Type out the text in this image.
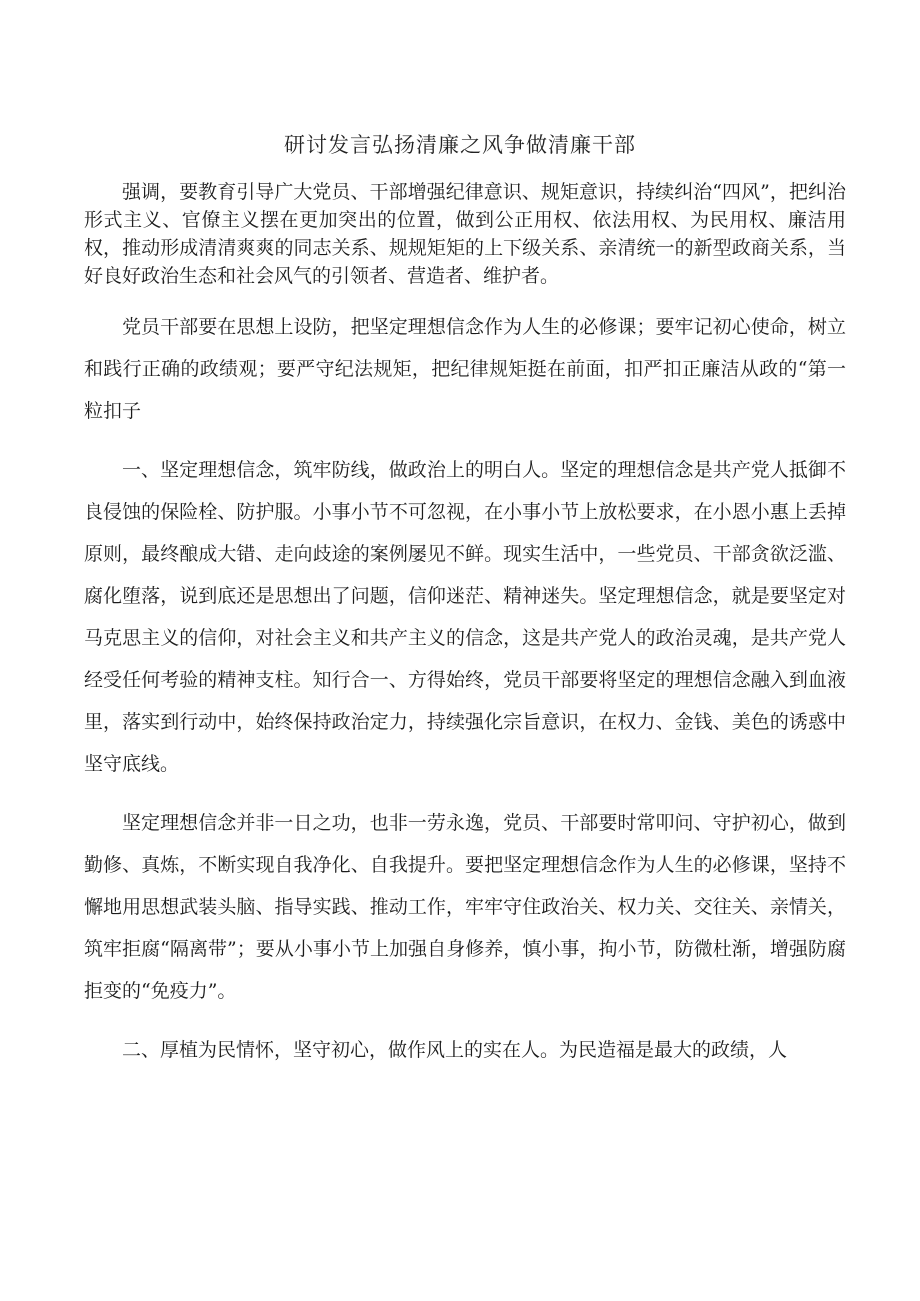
研讨发言弘扬清廉之风争做清廉干部

强调，要教育引导广大党员、干部增强纪律意识、规矩意识，持续纠治“四风”，把纠治形式主义、官僚主义摆在更加突出的位置，做到公正用权、依法用权、为民用权、廉洁用权，推动形成清清爽爽的同志关系、规规矩矩的上下级关系、亲清统一的新型政商关系，当好良好政治生态和社会风气的引领者、营造者、维护者。

党员干部要在思想上设防，把坚定理想信念作为人生的必修课；要牢记初心使命，树立和践行正确的政绩观；要严守纪法规矩，把纪律规矩挺在前面，扣严扣正廉洁从政的“第一粒扣子

一、坚定理想信念，筑牢防线，做政治上的明白人。坚定的理想信念是共产党人抵御不良侵蚀的保险栓、防护服。小事小节不可忽视，在小事小节上放松要求，在小恩小惠上丢掉原则，最终酿成大错、走向歧途的案例屡见不鲜。现实生活中，一些党员、干部贪欲泛滥、腐化堕落，说到底还是思想出了问题，信仰迷茫、精神迷失。坚定理想信念，就是要坚定对马克思主义的信仰，对社会主义和共产主义的信念，这是共产党人的政治灵魂，是共产党人经受任何考验的精神支柱。知行合一、方得始终，党员干部要将坚定的理想信念融入到血液里，落实到行动中，始终保持政治定力，持续强化宗旨意识，在权力、金钱、美色的诱惑中坚守底线。

坚定理想信念并非一日之功，也非一劳永逸，党员、干部要时常叩问、守护初心，做到勤修、真炼，不断实现自我净化、自我提升。要把坚定理想信念作为人生的必修课，坚持不懈地用思想武装头脑、指导实践、推动工作，牢牢守住政治关、权力关、交往关、亲情关，筑牢拒腐“隔离带”；要从小事小节上加强自身修养，慎小事，拘小节，防微杜渐，增强防腐拒变的“免疫力”。

二、厚植为民情怀，坚守初心，做作风上的实在人。为民造福是最大的政绩，人
